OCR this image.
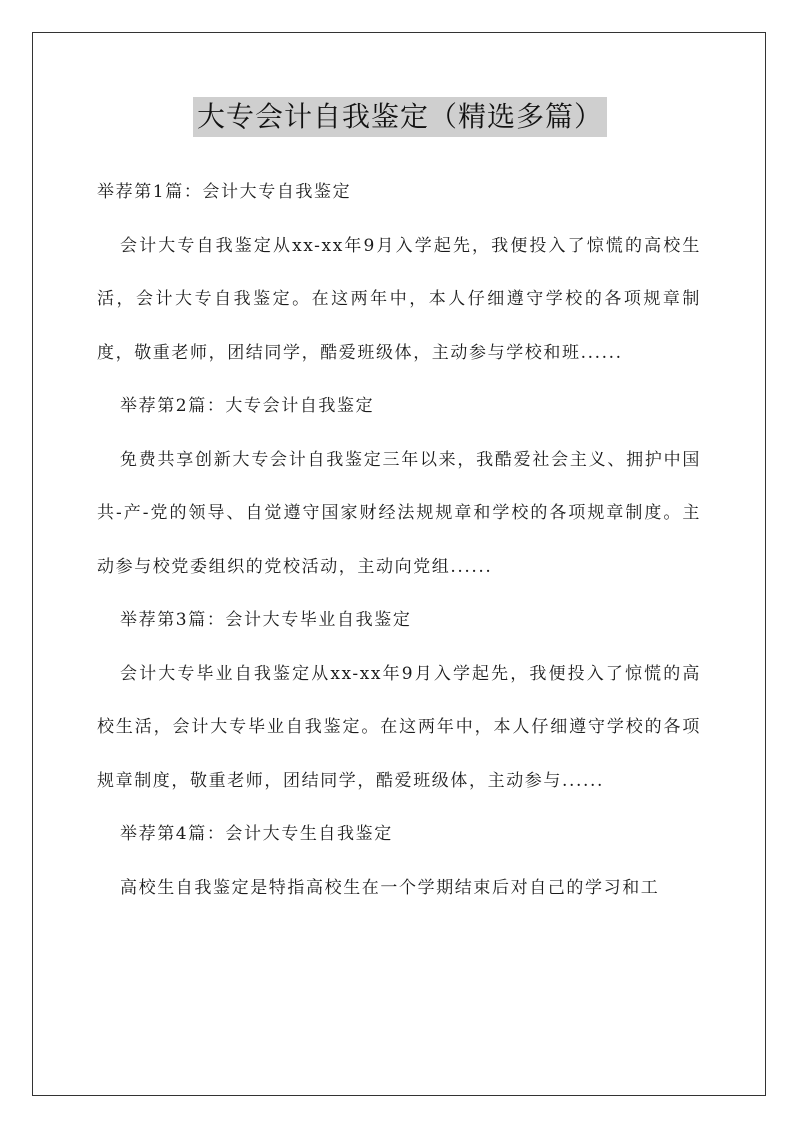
大专会计自我鉴定（精选多篇）

举荐第1篇：会计大专自我鉴定

会计大专自我鉴定从xx-xx年9月入学起先，我便投入了惊慌的高校生活，会计大专自我鉴定。在这两年中，本人仔细遵守学校的各项规章制度，敬重老师，团结同学，酷爱班级体，主动参与学校和班......

举荐第2篇：大专会计自我鉴定

免费共享创新大专会计自我鉴定三年以来，我酷爱社会主义、拥护中国共-产-党的领导、自觉遵守国家财经法规规章和学校的各项规章制度。主动参与校党委组织的党校活动，主动向党组......

举荐第3篇：会计大专毕业自我鉴定

会计大专毕业自我鉴定从xx-xx年9月入学起先，我便投入了惊慌的高校生活，会计大专毕业自我鉴定。在这两年中，本人仔细遵守学校的各项规章制度，敬重老师，团结同学，酷爱班级体，主动参与......

举荐第4篇：会计大专生自我鉴定

高校生自我鉴定是特指高校生在一个学期结束后对自己的学习和工
